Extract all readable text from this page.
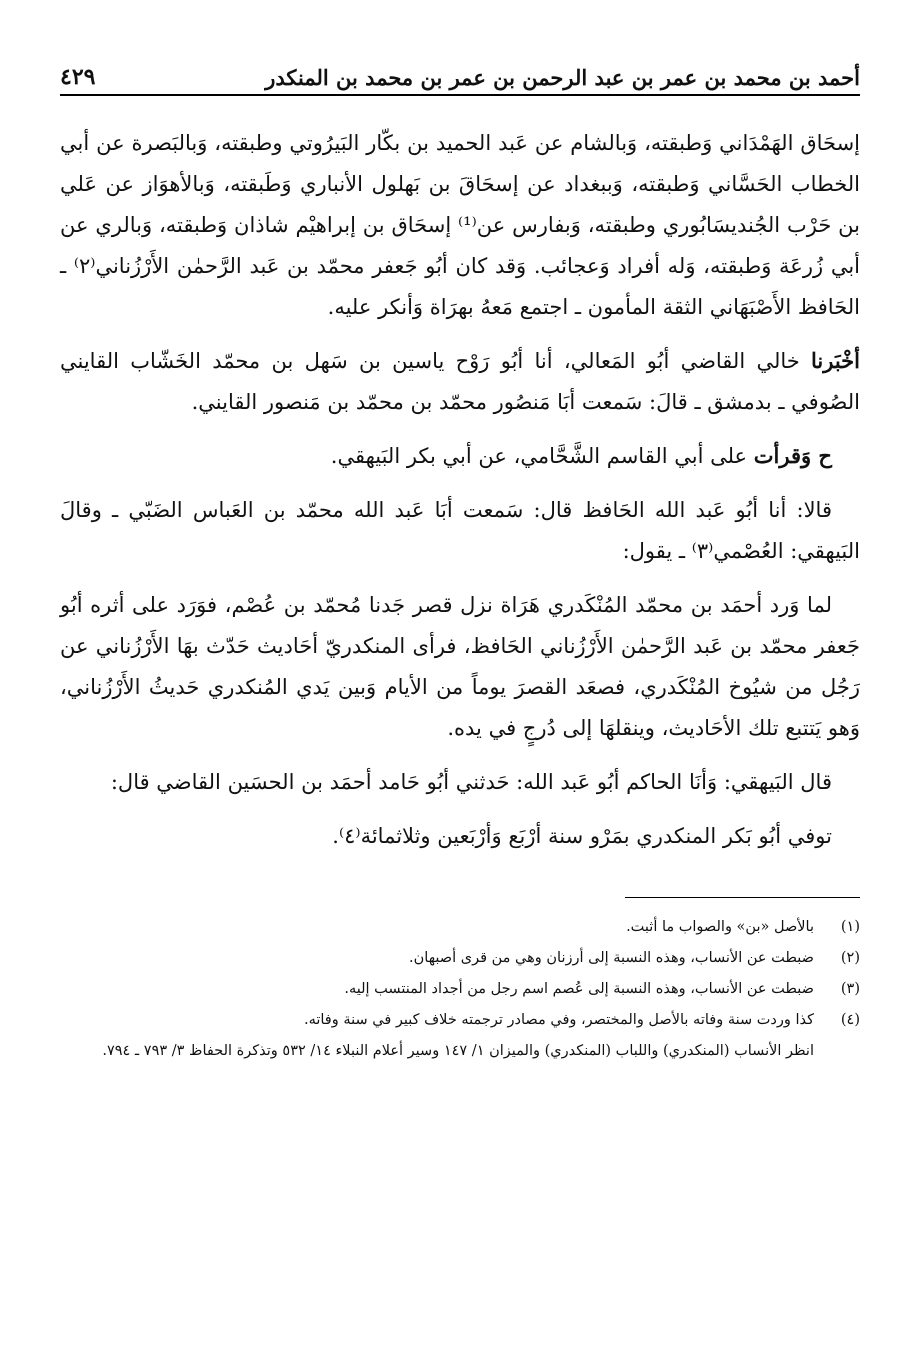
أحمد بن محمد بن عمر بن عبد الرحمن بن عمر بن محمد بن المنكدر
٤٢٩

إسحَاق الهَمْدَاني وَطبقته، وَبالشام عن عَبد الحميد بن بكّار البَيرُوتي وطبقته، وَبالبَصرة عن أبي الخطاب الحَسَّاني وَطبقته، وَببغداد عن إسحَاقَ بن بَهلول الأنباري وَطَبقته، وَبالأهوَاز عن عَلي بن حَرْب الجُنديسَابُوري وطبقته، وَبفارس عن⁽¹⁾ إسحَاق بن إبراهيْم شاذان وَطبقته، وَبالري عن أبي زُرعَة وَطبقته، وَله أفراد وَعجائب. وَقد كان أبُو جَعفر محمّد بن عَبد الرَّحمٰن الأَرْزُناني⁽٢⁾ ـ الحَافظ الأَصْبَهَاني الثقة المأمون ـ اجتمع مَعهُ بهرَاة وَأنكر عليه.

أخْبَرنا خالي القاضي أبُو المَعالي، أنا أبُو رَوْح ياسين بن سَهل بن محمّد الخَشّاب القايني الصُوفي ـ بدمشق ـ قالَ: سَمعت أبَا مَنصُور محمّد بن محمّد بن مَنصور القايني.

ح وَقرأت على أبي القاسم الشَّحَّامي، عن أبي بكر البَيهقي.

قالا: أنا أبُو عَبد الله الحَافظ قال: سَمعت أبَا عَبد الله محمّد بن العَباس الضَبّي ـ وقالَ البَيهقي: العُصْمي⁽٣⁾ ـ يقول:

لما وَرد أحمَد بن محمّد المُنْكَدري هَرَاة نزل قصر جَدنا مُحمّد بن عُصْم، فوَرَد على أثره أبُو جَعفر محمّد بن عَبد الرَّحمٰن الأَرْزُناني الحَافظ، فرأى المنكدريّ أحَاديث حَدّث بهَا الأَرْزُناني عن رَجُل من شيُوخ المُنْكَدري، فصعَد القصرَ يوماً من الأيام وَبين يَدي المُنكدري حَديثُ الأَرْزُناني، وَهو يَتتبع تلك الأحَاديث، وينقلهَا إلى دُرجٍ في يده.

قال البَيهقي: وَأنَا الحاكم أبُو عَبد الله: حَدثني أبُو حَامد أحمَد بن الحسَين القاضي قال:

توفي أبُو بَكر المنكدري بمَرْو سنة أرْبَع وَأرْبَعين وثلاثمائة⁽٤⁾.

(١)
بالأصل «بن» والصواب ما أثبت.
(٢)
ضبطت عن الأنساب، وهذه النسبة إلى أرزنان وهي من قرى أصبهان.
(٣)
ضبطت عن الأنساب، وهذه النسبة إلى عُصم اسم رجل من أجداد المنتسب إليه.
(٤)
كذا وردت سنة وفاته بالأصل والمختصر، وفي مصادر ترجمته خلاف كبير في سنة وفاته.
انظر الأنساب (المنكدري) واللباب (المنكدري) والميزان ١/ ١٤٧ وسير أعلام النبلاء ١٤/ ٥٣٢ وتذكرة الحفاظ ٣/ ٧٩٣ ـ ٧٩٤.
